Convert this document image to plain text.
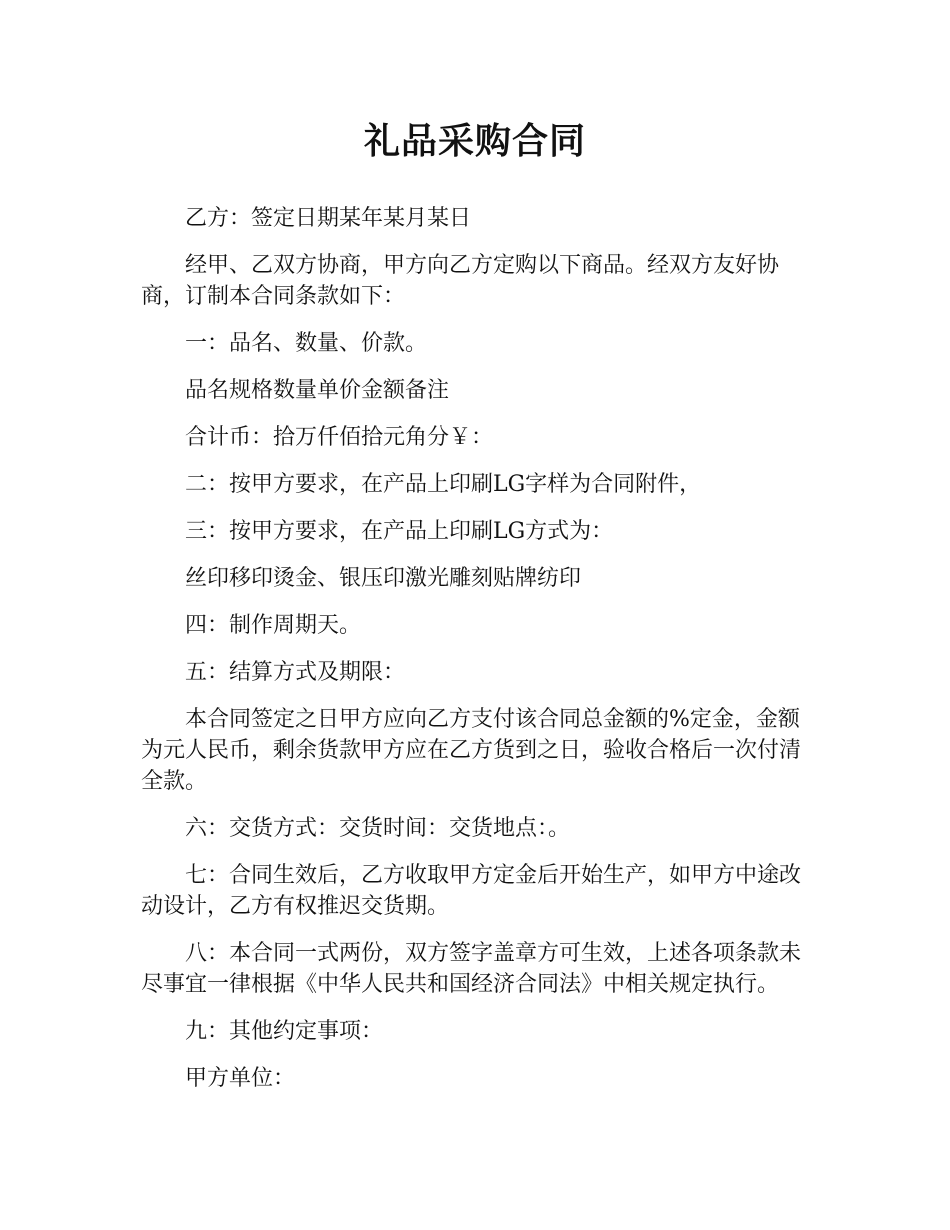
礼品采购合同

乙方：签定日期某年某月某日

经甲、乙双方协商，甲方向乙方定购以下商品。经双方友好协商，订制本合同条款如下：

一：品名、数量、价款。

品名规格数量单价金额备注

合计币：拾万仟佰拾元角分￥：

二：按甲方要求，在产品上印刷LG字样为合同附件，

三：按甲方要求，在产品上印刷LG方式为：

丝印移印烫金、银压印激光雕刻贴牌纺印

四：制作周期天。

五：结算方式及期限：

本合同签定之日甲方应向乙方支付该合同总金额的%定金，金额为元人民币，剩余货款甲方应在乙方货到之日，验收合格后一次付清全款。

六：交货方式：交货时间：交货地点：。

七：合同生效后，乙方收取甲方定金后开始生产，如甲方中途改动设计，乙方有权推迟交货期。

八：本合同一式两份，双方签字盖章方可生效，上述各项条款未尽事宜一律根据《中华人民共和国经济合同法》中相关规定执行。

九：其他约定事项：

甲方单位：
